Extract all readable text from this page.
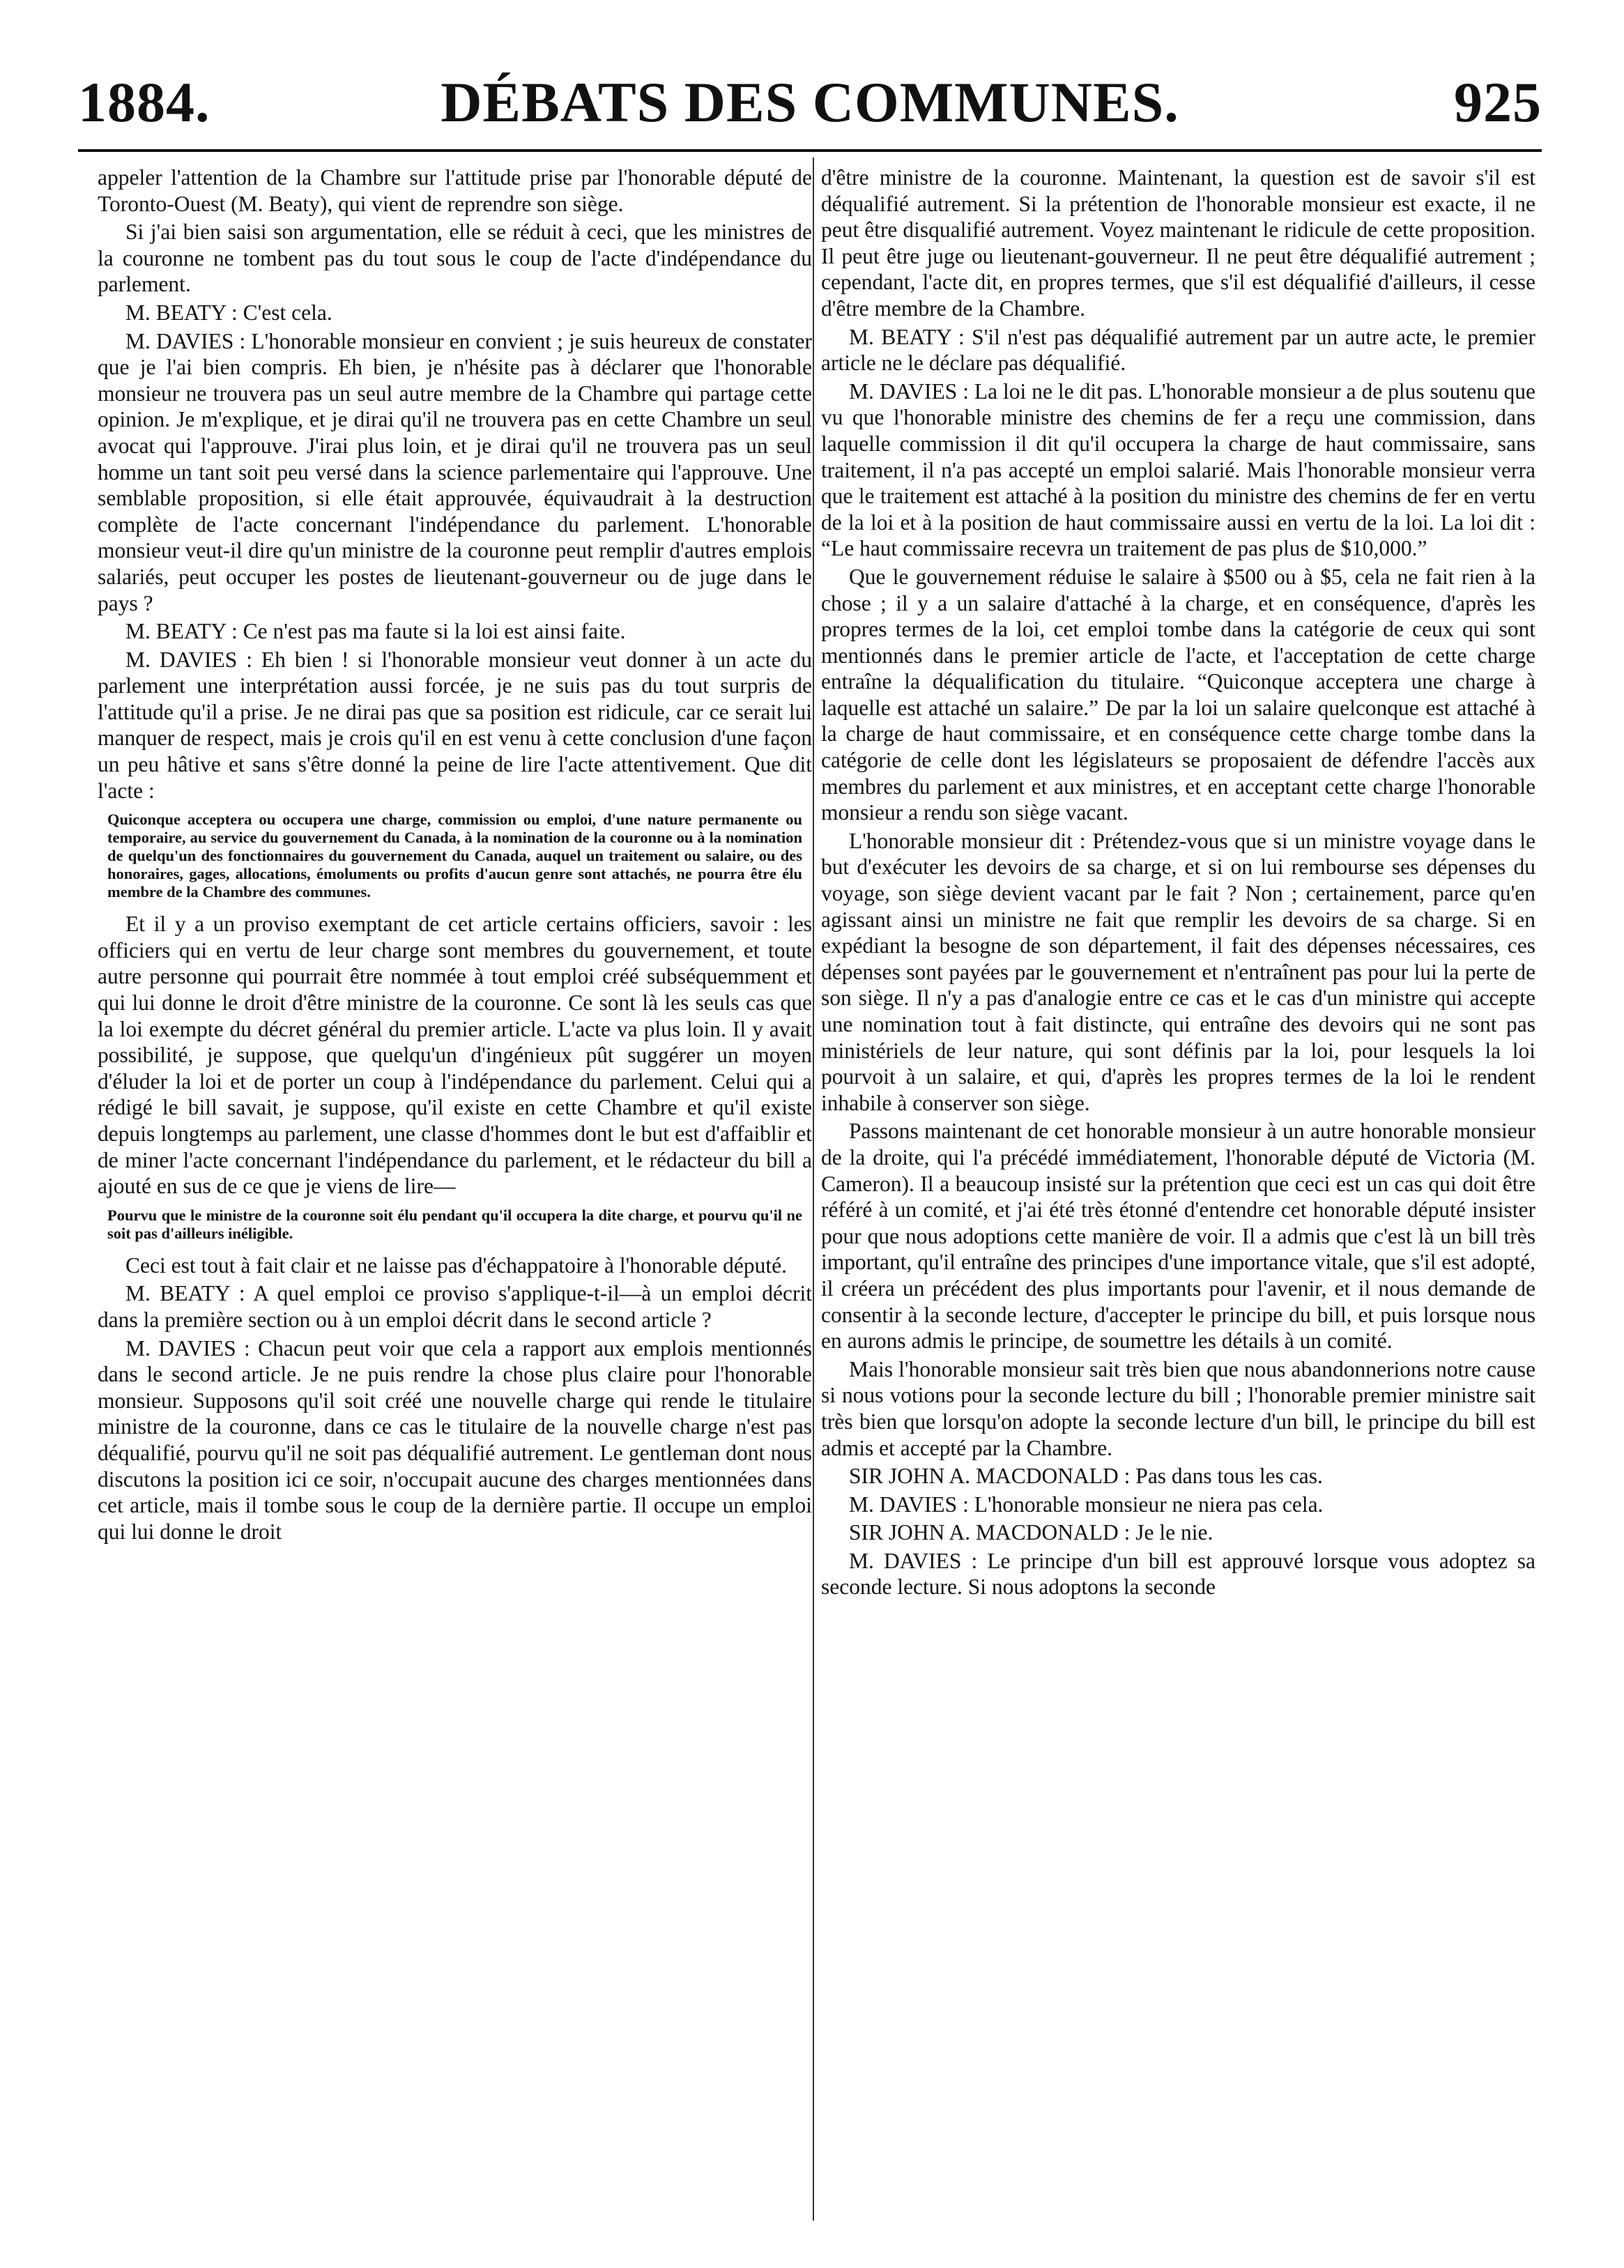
1884.	DÉBATS DES COMMUNES.	925

appeler l'attention de la Chambre sur l'attitude prise par l'honorable député de Toronto-Ouest (M. Beaty), qui vient de reprendre son siège.

Si j'ai bien saisi son argumentation, elle se réduit à ceci, que les ministres de la couronne ne tombent pas du tout sous le coup de l'acte d'indépendance du parlement.

M. BEATY : C'est cela.

M. DAVIES : L'honorable monsieur en convient ; je suis heureux de constater que je l'ai bien compris. Eh bien, je n'hésite pas à déclarer que l'honorable monsieur ne trouvera pas un seul autre membre de la Chambre qui partage cette opinion. Je m'explique, et je dirai qu'il ne trouvera pas en cette Chambre un seul avocat qui l'approuve. J'irai plus loin, et je dirai qu'il ne trouvera pas un seul homme un tant soit peu versé dans la science parlementaire qui l'approuve. Une semblable proposition, si elle était approuvée, équivaudrait à la destruction complète de l'acte concernant l'indépendance du parlement. L'honorable monsieur veut-il dire qu'un ministre de la couronne peut remplir d'autres emplois salariés, peut occuper les postes de lieutenant-gouverneur ou de juge dans le pays ?

M. BEATY : Ce n'est pas ma faute si la loi est ainsi faite.

M. DAVIES : Eh bien ! si l'honorable monsieur veut donner à un acte du parlement une interprétation aussi forcée, je ne suis pas du tout surpris de l'attitude qu'il a prise. Je ne dirai pas que sa position est ridicule, car ce serait lui manquer de respect, mais je crois qu'il en est venu à cette conclusion d'une façon un peu hâtive et sans s'être donné la peine de lire l'acte attentivement. Que dit l'acte :

Quiconque acceptera ou occupera une charge, commission ou emploi, d'une nature permanente ou temporaire, au service du gouvernement du Canada, à la nomination de la couronne ou à la nomination de quelqu'un des fonctionnaires du gouvernement du Canada, auquel un traitement ou salaire, ou des honoraires, gages, allocations, émoluments ou profits d'aucun genre sont attachés, ne pourra être élu membre de la Chambre des communes.

Et il y a un proviso exemptant de cet article certains officiers, savoir : les officiers qui en vertu de leur charge sont membres du gouvernement, et toute autre personne qui pourrait être nommée à tout emploi créé subséquemment et qui lui donne le droit d'être ministre de la couronne. Ce sont là les seuls cas que la loi exempte du décret général du premier article. L'acte va plus loin. Il y avait possibilité, je suppose, que quelqu'un d'ingénieux pût suggérer un moyen d'éluder la loi et de porter un coup à l'indépendance du parlement. Celui qui a rédigé le bill savait, je suppose, qu'il existe en cette Chambre et qu'il existe depuis longtemps au parlement, une classe d'hommes dont le but est d'affaiblir et de miner l'acte concernant l'indépendance du parlement, et le rédacteur du bill a ajouté en sus de ce que je viens de lire—

Pourvu que le ministre de la couronne soit élu pendant qu'il occupera la dite charge, et pourvu qu'il ne soit pas d'ailleurs inéligible.

Ceci est tout à fait clair et ne laisse pas d'échappatoire à l'honorable député.

M. BEATY : A quel emploi ce proviso s'applique-t-il—à un emploi décrit dans la première section ou à un emploi décrit dans le second article ?

M. DAVIES : Chacun peut voir que cela a rapport aux emplois mentionnés dans le second article. Je ne puis rendre la chose plus claire pour l'honorable monsieur. Supposons qu'il soit créé une nouvelle charge qui rende le titulaire ministre de la couronne, dans ce cas le titulaire de la nouvelle charge n'est pas déqualifié, pourvu qu'il ne soit pas déqualifié autrement. Le gentleman dont nous discutons la position ici ce soir, n'occupait aucune des charges mentionnées dans cet article, mais il tombe sous le coup de la dernière partie. Il occupe un emploi qui lui donne le droit

d'être ministre de la couronne. Maintenant, la question est de savoir s'il est déqualifié autrement. Si la prétention de l'honorable monsieur est exacte, il ne peut être disqualifié autrement. Voyez maintenant le ridicule de cette proposition. Il peut être juge ou lieutenant-gouverneur. Il ne peut être déqualifié autrement ; cependant, l'acte dit, en propres termes, que s'il est déqualifié d'ailleurs, il cesse d'être membre de la Chambre.

M. BEATY : S'il n'est pas déqualifié autrement par un autre acte, le premier article ne le déclare pas déqualifié.

M. DAVIES : La loi ne le dit pas. L'honorable monsieur a de plus soutenu que vu que l'honorable ministre des chemins de fer a reçu une commission, dans laquelle commission il dit qu'il occupera la charge de haut commissaire, sans traitement, il n'a pas accepté un emploi salarié. Mais l'honorable monsieur verra que le traitement est attaché à la position du ministre des chemins de fer en vertu de la loi et à la position de haut commissaire aussi en vertu de la loi. La loi dit : “Le haut commissaire recevra un traitement de pas plus de $10,000.”

Que le gouvernement réduise le salaire à $500 ou à $5, cela ne fait rien à la chose ; il y a un salaire d'attaché à la charge, et en conséquence, d'après les propres termes de la loi, cet emploi tombe dans la catégorie de ceux qui sont mentionnés dans le premier article de l'acte, et l'acceptation de cette charge entraîne la déqualification du titulaire. “Quiconque acceptera une charge à laquelle est attaché un salaire.” De par la loi un salaire quelconque est attaché à la charge de haut commissaire, et en conséquence cette charge tombe dans la catégorie de celle dont les législateurs se proposaient de défendre l'accès aux membres du parlement et aux ministres, et en acceptant cette charge l'honorable monsieur a rendu son siège vacant.

L'honorable monsieur dit : Prétendez-vous que si un ministre voyage dans le but d'exécuter les devoirs de sa charge, et si on lui rembourse ses dépenses du voyage, son siège devient vacant par le fait ? Non ; certainement, parce qu'en agissant ainsi un ministre ne fait que remplir les devoirs de sa charge. Si en expédiant la besogne de son département, il fait des dépenses nécessaires, ces dépenses sont payées par le gouvernement et n'entraînent pas pour lui la perte de son siège. Il n'y a pas d'analogie entre ce cas et le cas d'un ministre qui accepte une nomination tout à fait distincte, qui entraîne des devoirs qui ne sont pas ministériels de leur nature, qui sont définis par la loi, pour lesquels la loi pourvoit à un salaire, et qui, d'après les propres termes de la loi le rendent inhabile à conserver son siège.

Passons maintenant de cet honorable monsieur à un autre honorable monsieur de la droite, qui l'a précédé immédiatement, l'honorable député de Victoria (M. Cameron). Il a beaucoup insisté sur la prétention que ceci est un cas qui doit être référé à un comité, et j'ai été très étonné d'entendre cet honorable député insister pour que nous adoptions cette manière de voir. Il a admis que c'est là un bill très important, qu'il entraîne des principes d'une importance vitale, que s'il est adopté, il créera un précédent des plus importants pour l'avenir, et il nous demande de consentir à la seconde lecture, d'accepter le principe du bill, et puis lorsque nous en aurons admis le principe, de soumettre les détails à un comité.

Mais l'honorable monsieur sait très bien que nous abandonnerions notre cause si nous votions pour la seconde lecture du bill ; l'honorable premier ministre sait très bien que lorsqu'on adopte la seconde lecture d'un bill, le principe du bill est admis et accepté par la Chambre.

SIR JOHN A. MACDONALD : Pas dans tous les cas.

M. DAVIES : L'honorable monsieur ne niera pas cela.

SIR JOHN A. MACDONALD : Je le nie.

M. DAVIES : Le principe d'un bill est approuvé lorsque vous adoptez sa seconde lecture. Si nous adoptons la seconde
